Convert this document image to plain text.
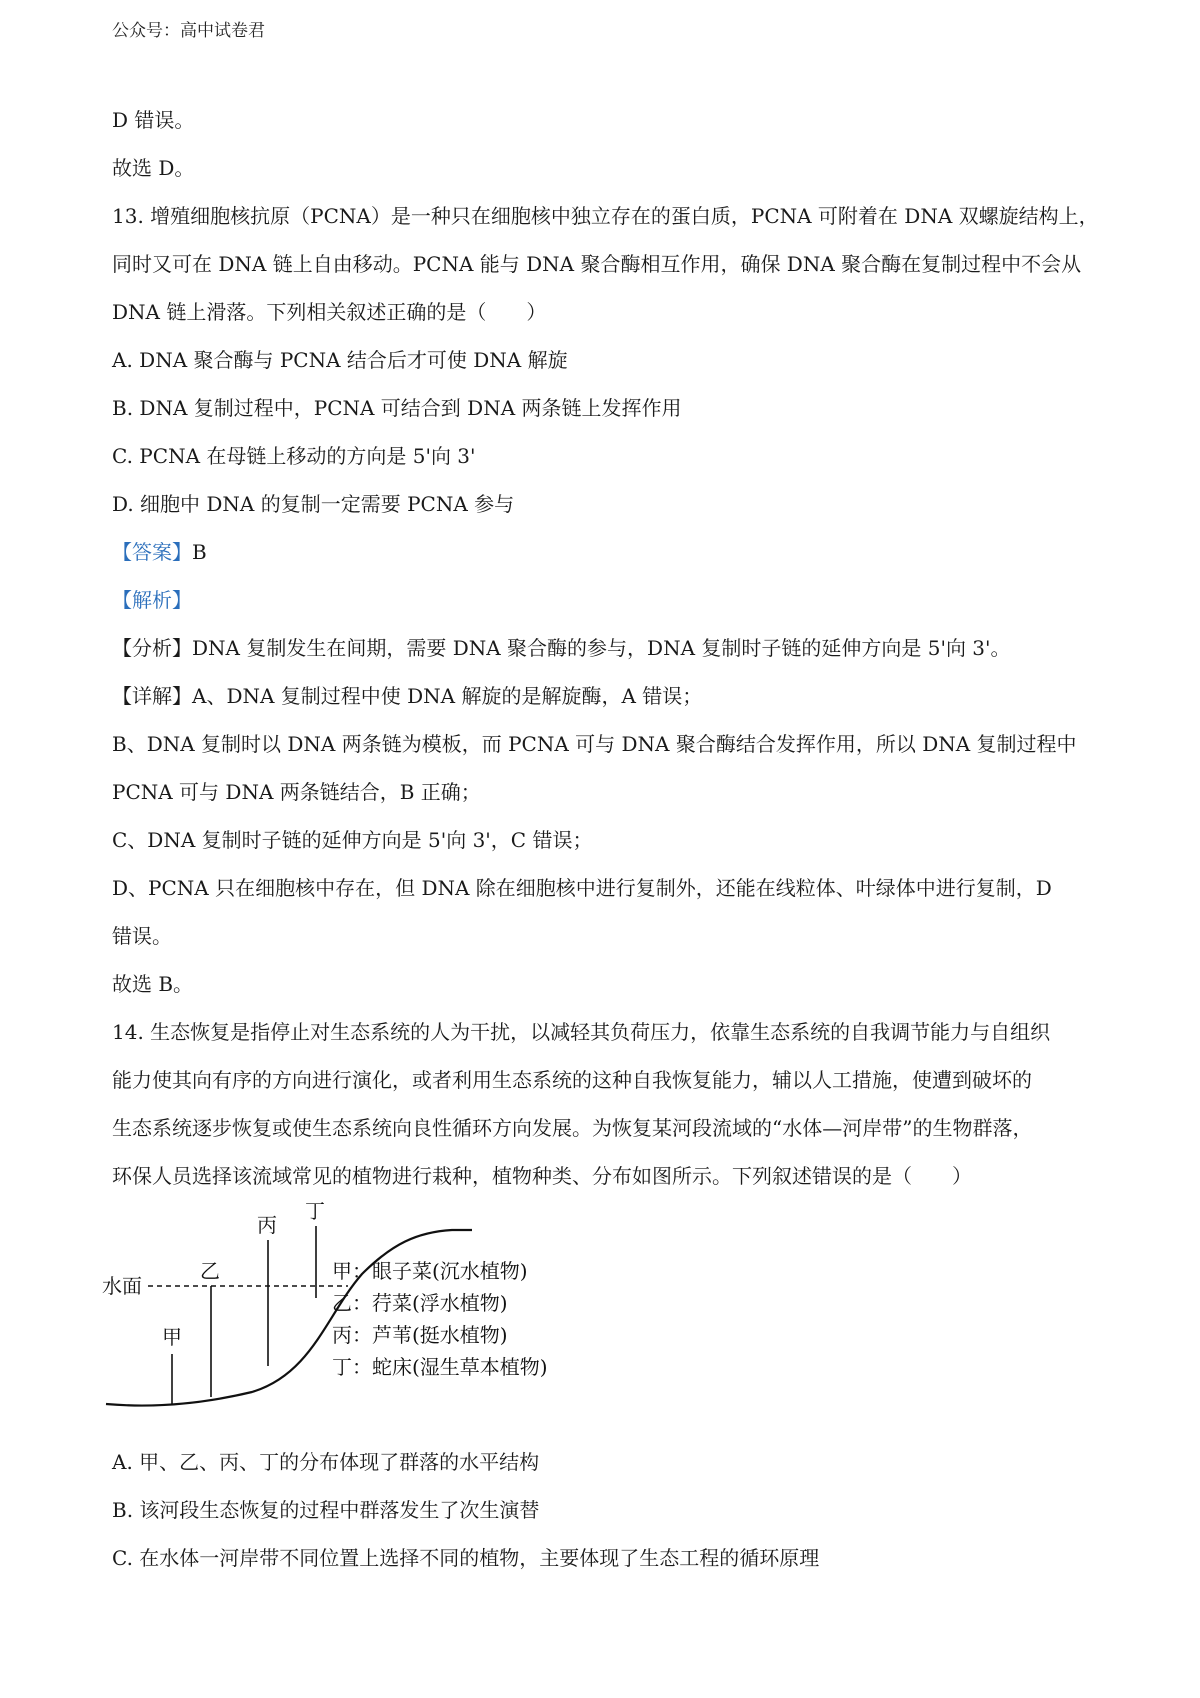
公众号：高中试卷君
D 错误。
故选 D。
13. 增殖细胞核抗原（PCNA）是一种只在细胞核中独立存在的蛋白质，PCNA 可附着在 DNA 双螺旋结构上，
同时又可在 DNA 链上自由移动。PCNA 能与 DNA 聚合酶相互作用，确保 DNA 聚合酶在复制过程中不会从
DNA 链上滑落。下列相关叙述正确的是（　　）
A. DNA 聚合酶与 PCNA 结合后才可使 DNA 解旋
B. DNA 复制过程中，PCNA 可结合到 DNA 两条链上发挥作用
C. PCNA 在母链上移动的方向是 5'向 3'
D. 细胞中 DNA 的复制一定需要 PCNA 参与
【答案】B
【解析】
【分析】DNA 复制发生在间期，需要 DNA 聚合酶的参与，DNA 复制时子链的延伸方向是 5'向 3'。
【详解】A、DNA 复制过程中使 DNA 解旋的是解旋酶，A 错误；
B、DNA 复制时以 DNA 两条链为模板，而 PCNA 可与 DNA 聚合酶结合发挥作用，所以 DNA 复制过程中
PCNA 可与 DNA 两条链结合，B 正确；
C、DNA 复制时子链的延伸方向是 5'向 3'，C 错误；
D、PCNA 只在细胞核中存在，但 DNA 除在细胞核中进行复制外，还能在线粒体、叶绿体中进行复制，D
错误。
故选 B。
14. 生态恢复是指停止对生态系统的人为干扰，以减轻其负荷压力，依靠生态系统的自我调节能力与自组织
能力使其向有序的方向进行演化，或者利用生态系统的这种自我恢复能力，辅以人工措施，使遭到破坏的
生态系统逐步恢复或使生态系统向良性循环方向发展。为恢复某河段流域的“水体—河岸带”的生物群落，
环保人员选择该流域常见的植物进行栽种，植物种类、分布如图所示。下列叙述错误的是（　　）
水面
甲
乙
丙
丁
甲：眼子菜(沉水植物)
乙：荇菜(浮水植物)
丙：芦苇(挺水植物)
丁：蛇床(湿生草本植物)
A. 甲、乙、丙、丁的分布体现了群落的水平结构
B. 该河段生态恢复的过程中群落发生了次生演替
C. 在水体一河岸带不同位置上选择不同的植物，主要体现了生态工程的循环原理
